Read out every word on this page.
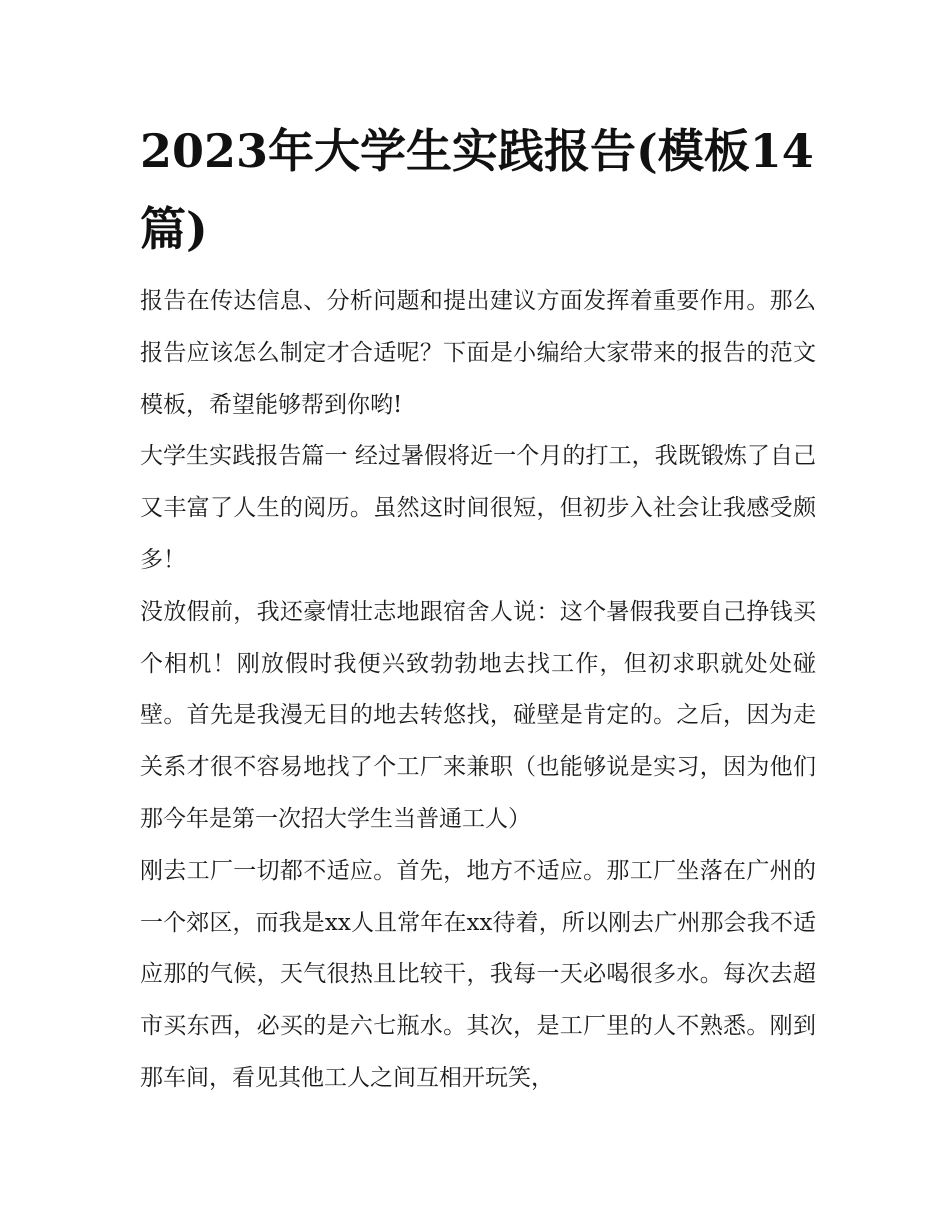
2023年大学生实践报告(模板14篇)

报告在传达信息、分析问题和提出建议方面发挥着重要作用。那么报告应该怎么制定才合适呢？下面是小编给大家带来的报告的范文模板，希望能够帮到你哟!

大学生实践报告篇一 经过暑假将近一个月的打工，我既锻炼了自己又丰富了人生的阅历。虽然这时间很短，但初步入社会让我感受颇多！

没放假前，我还豪情壮志地跟宿舍人说：这个暑假我要自己挣钱买个相机！刚放假时我便兴致勃勃地去找工作，但初求职就处处碰壁。首先是我漫无目的地去转悠找，碰壁是肯定的。之后，因为走关系才很不容易地找了个工厂来兼职（也能够说是实习，因为他们那今年是第一次招大学生当普通工人）

刚去工厂一切都不适应。首先，地方不适应。那工厂坐落在广州的一个郊区，而我是xx人且常年在xx待着，所以刚去广州那会我不适应那的气候，天气很热且比较干，我每一天必喝很多水。每次去超市买东西，必买的是六七瓶水。其次，是工厂里的人不熟悉。刚到那车间，看见其他工人之间互相开玩笑，
